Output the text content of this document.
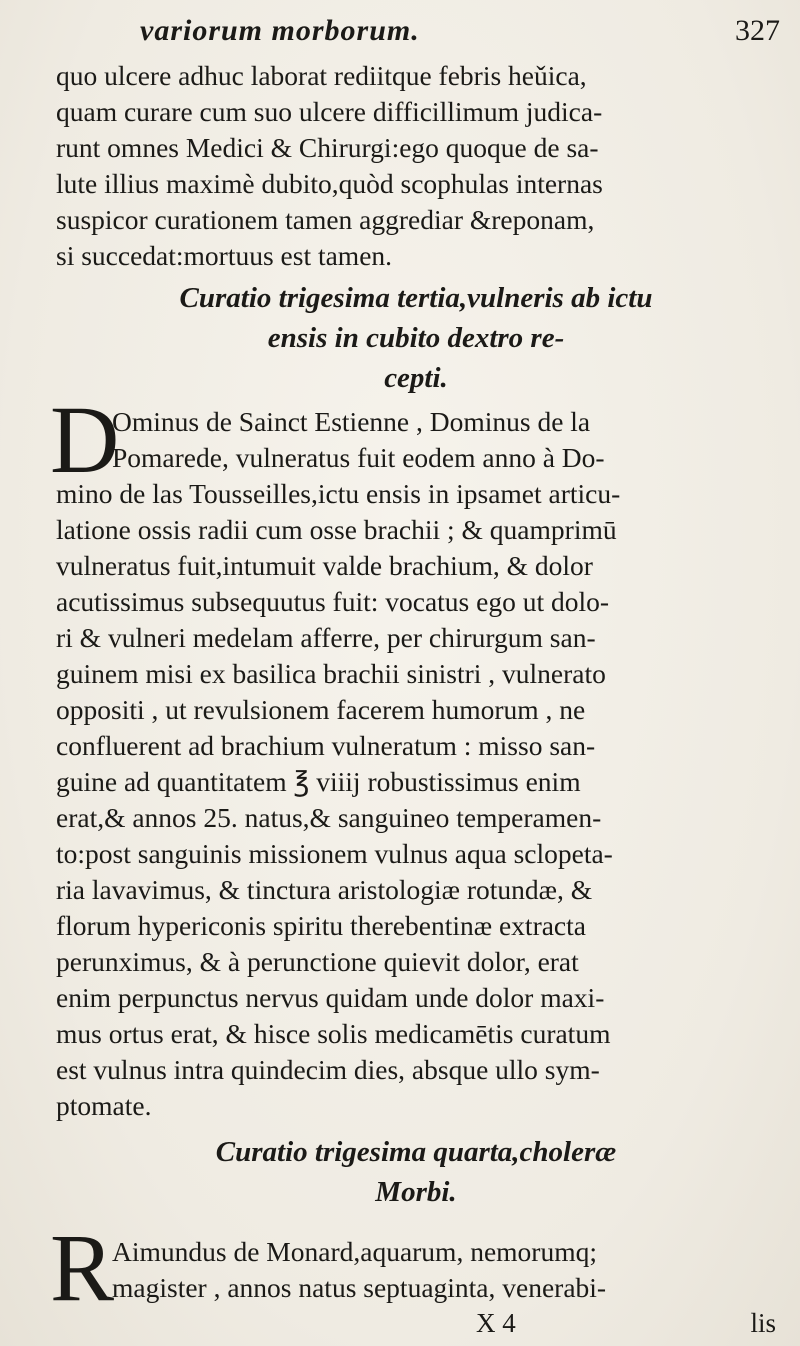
variorum morborum.	327
quo ulcere adhuc laborat rediitque febris heǔica,
quam curare cum suo ulcere difficillimum judica-
runt omnes Medici & Chirurgi:ego quoque de sa-
lute illius maximè dubito,quòd scophulas internas
suspicor curationem tamen aggrediar &reponam,
si succedat:mortuus est tamen.
Curatio trigesima tertia,vulneris ab ictu
ensis in cubito dextro re-
cepti.
D
Ominus de Sainct Estienne , Dominus de la
Pomarede, vulneratus fuit eodem anno à Do-
mino de las Tousseilles,ictu ensis in ipsamet articu-
latione ossis radii cum osse brachii ; & quamprimū
vulneratus fuit,intumuit valde brachium, & dolor
acutissimus subsequutus fuit: vocatus ego ut dolo-
ri & vulneri medelam afferre, per chirurgum san-
guinem misi ex basilica brachii sinistri , vulnerato
oppositi , ut revulsionem facerem humorum , ne
confluerent ad brachium vulneratum : misso san-
guine ad quantitatem ℥ viiij robustissimus enim
erat,& annos 25. natus,& sanguineo temperamen-
to:post sanguinis missionem vulnus aqua sclopeta-
ria lavavimus, & tinctura aristologiæ rotundæ, &
florum hypericonis spiritu therebentinæ extracta
perunximus, & à perunctione quievit dolor, erat
enim perpunctus nervus quidam unde dolor maxi-
mus ortus erat, & hisce solis medicamētis curatum
est vulnus intra quindecim dies, absque ullo sym-
ptomate.
Curatio trigesima quarta,choleræ
Morbi.
R
Aimundus de Monard,aquarum, nemorumq;
magister , annos natus septuaginta, venerabi-
X 4	lis
